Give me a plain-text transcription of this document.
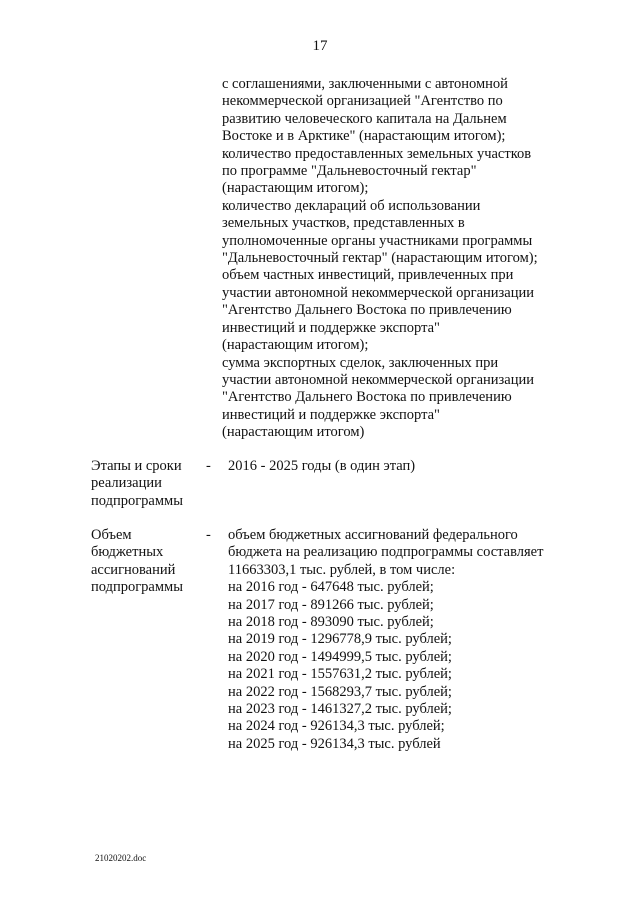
17
с соглашениями, заключенными с автономной
некоммерческой организацией "Агентство по
развитию человеческого капитала на Дальнем
Востоке и в Арктике" (нарастающим итогом);
количество предоставленных земельных участков
по программе "Дальневосточный гектар"
(нарастающим итогом);
количество деклараций об использовании
земельных участков, представленных в
уполномоченные органы участниками программы
"Дальневосточный гектар" (нарастающим итогом);
объем частных инвестиций, привлеченных при
участии автономной некоммерческой организации
"Агентство Дальнего Востока по привлечению
инвестиций и поддержке экспорта"
(нарастающим итогом);
сумма экспортных сделок, заключенных при
участии автономной некоммерческой организации
"Агентство Дальнего Востока по привлечению
инвестиций и поддержке экспорта"
(нарастающим итогом)
Этапы и сроки
реализации
подпрограммы
- 2016 - 2025 годы (в один этап)
Объем
бюджетных
ассигнований
подпрограммы
- объем бюджетных ассигнований федерального
бюджета на реализацию подпрограммы составляет
11663303,1 тыс. рублей, в том числе:
на 2016 год - 647648 тыс. рублей;
на 2017 год - 891266 тыс. рублей;
на 2018 год - 893090 тыс. рублей;
на 2019 год - 1296778,9 тыс. рублей;
на 2020 год - 1494999,5 тыс. рублей;
на 2021 год - 1557631,2 тыс. рублей;
на 2022 год - 1568293,7 тыс. рублей;
на 2023 год - 1461327,2 тыс. рублей;
на 2024 год - 926134,3 тыс. рублей;
на 2025 год - 926134,3 тыс. рублей
21020202.doc
